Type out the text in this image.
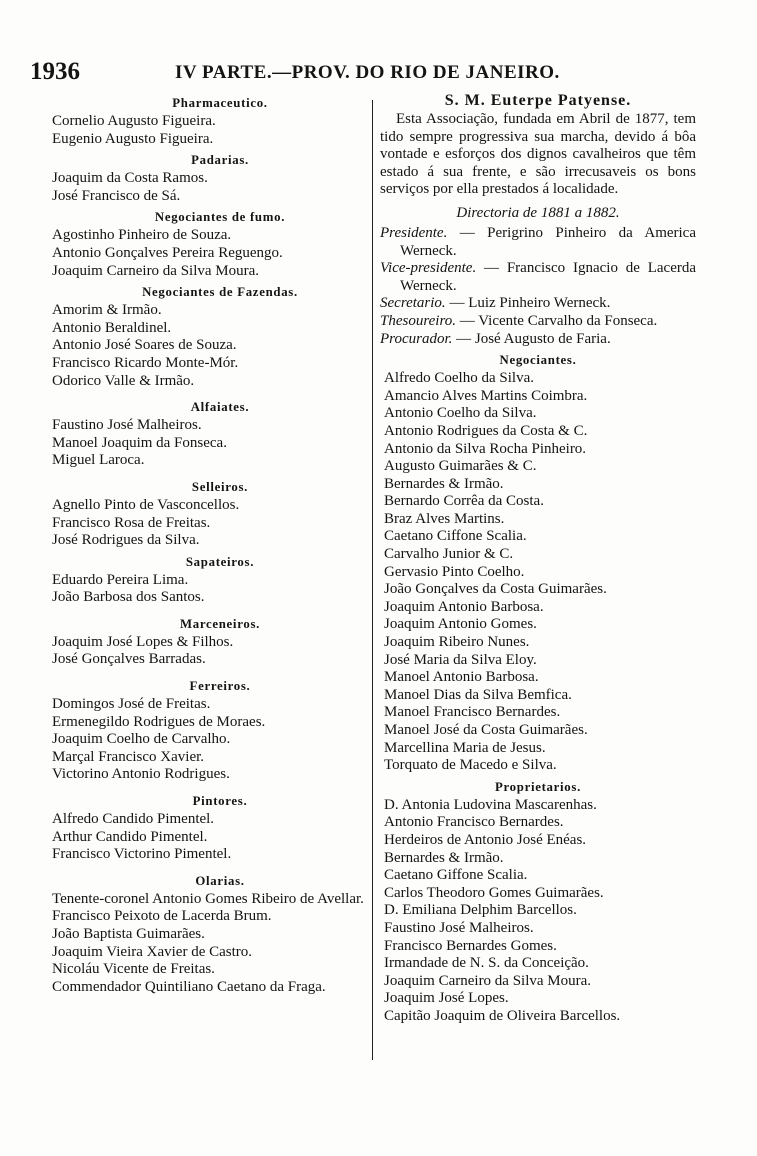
1936	IV PARTE.—PROV. DO RIO DE JANEIRO.
Pharmaceutico.
Cornelio Augusto Figueira.
Eugenio Augusto Figueira.
Padarias.
Joaquim da Costa Ramos.
José Francisco de Sá.
Negociantes de fumo.
Agostinho Pinheiro de Souza.
Antonio Gonçalves Pereira Reguengo.
Joaquim Carneiro da Silva Moura.
Negociantes de Fazendas.
Amorim & Irmão.
Antonio Beraldinel.
Antonio José Soares de Souza.
Francisco Ricardo Monte-Mór.
Odorico Valle & Irmão.
Alfaiates.
Faustino José Malheiros.
Manoel Joaquim da Fonseca.
Miguel Laroca.
Selleiros.
Agnello Pinto de Vasconcellos.
Francisco Rosa de Freitas.
José Rodrigues da Silva.
Sapateiros.
Eduardo Pereira Lima.
João Barbosa dos Santos.
Marceneiros.
Joaquim José Lopes & Filhos.
José Gonçalves Barradas.
Ferreiros.
Domingos José de Freitas.
Ermenegildo Rodrigues de Moraes.
Joaquim Coelho de Carvalho.
Marçal Francisco Xavier.
Victorino Antonio Rodrigues.
Pintores.
Alfredo Candido Pimentel.
Arthur Candido Pimentel.
Francisco Victorino Pimentel.
Olarias.
Tenente-coronel Antonio Gomes Ribeiro de Avellar.
Francisco Peixoto de Lacerda Brum.
João Baptista Guimarães.
Joaquim Vieira Xavier de Castro.
Nicoláu Vicente de Freitas.
Commendador Quintiliano Caetano da Fraga.
S. M. Euterpe Patyense.
Esta Associação, fundada em Abril de 1877, tem tido sempre progressiva sua marcha, devido á bôa vontade e esforços dos dignos cavalheiros que têm estado á sua frente, e são irrecusaveis os bons serviços por ella prestados á localidade.
Directoria de 1881 a 1882.
Presidente. — Perigrino Pinheiro da America Werneck.
Vice-presidente. — Francisco Ignacio de Lacerda Werneck.
Secretario. — Luiz Pinheiro Werneck.
Thesoureiro. — Vicente Carvalho da Fonseca.
Procurador. — José Augusto de Faria.
Negociantes.
Alfredo Coelho da Silva.
Amancio Alves Martins Coimbra.
Antonio Coelho da Silva.
Antonio Rodrigues da Costa & C.
Antonio da Silva Rocha Pinheiro.
Augusto Guimarães & C.
Bernardes & Irmão.
Bernardo Corrêa da Costa.
Braz Alves Martins.
Caetano Ciffone Scalia.
Carvalho Junior & C.
Gervasio Pinto Coelho.
João Gonçalves da Costa Guimarães.
Joaquim Antonio Barbosa.
Joaquim Antonio Gomes.
Joaquim Ribeiro Nunes.
José Maria da Silva Eloy.
Manoel Antonio Barbosa.
Manoel Dias da Silva Bemfica.
Manoel Francisco Bernardes.
Manoel José da Costa Guimarães.
Marcellina Maria de Jesus.
Torquato de Macedo e Silva.
Proprietarios.
D. Antonia Ludovina Mascarenhas.
Antonio Francisco Bernardes.
Herdeiros de Antonio José Enéas.
Bernardes & Irmão.
Caetano Giffone Scalia.
Carlos Theodoro Gomes Guimarães.
D. Emiliana Delphim Barcellos.
Faustino José Malheiros.
Francisco Bernardes Gomes.
Irmandade de N. S. da Conceição.
Joaquim Carneiro da Silva Moura.
Joaquim José Lopes.
Capitão Joaquim de Oliveira Barcellos.
